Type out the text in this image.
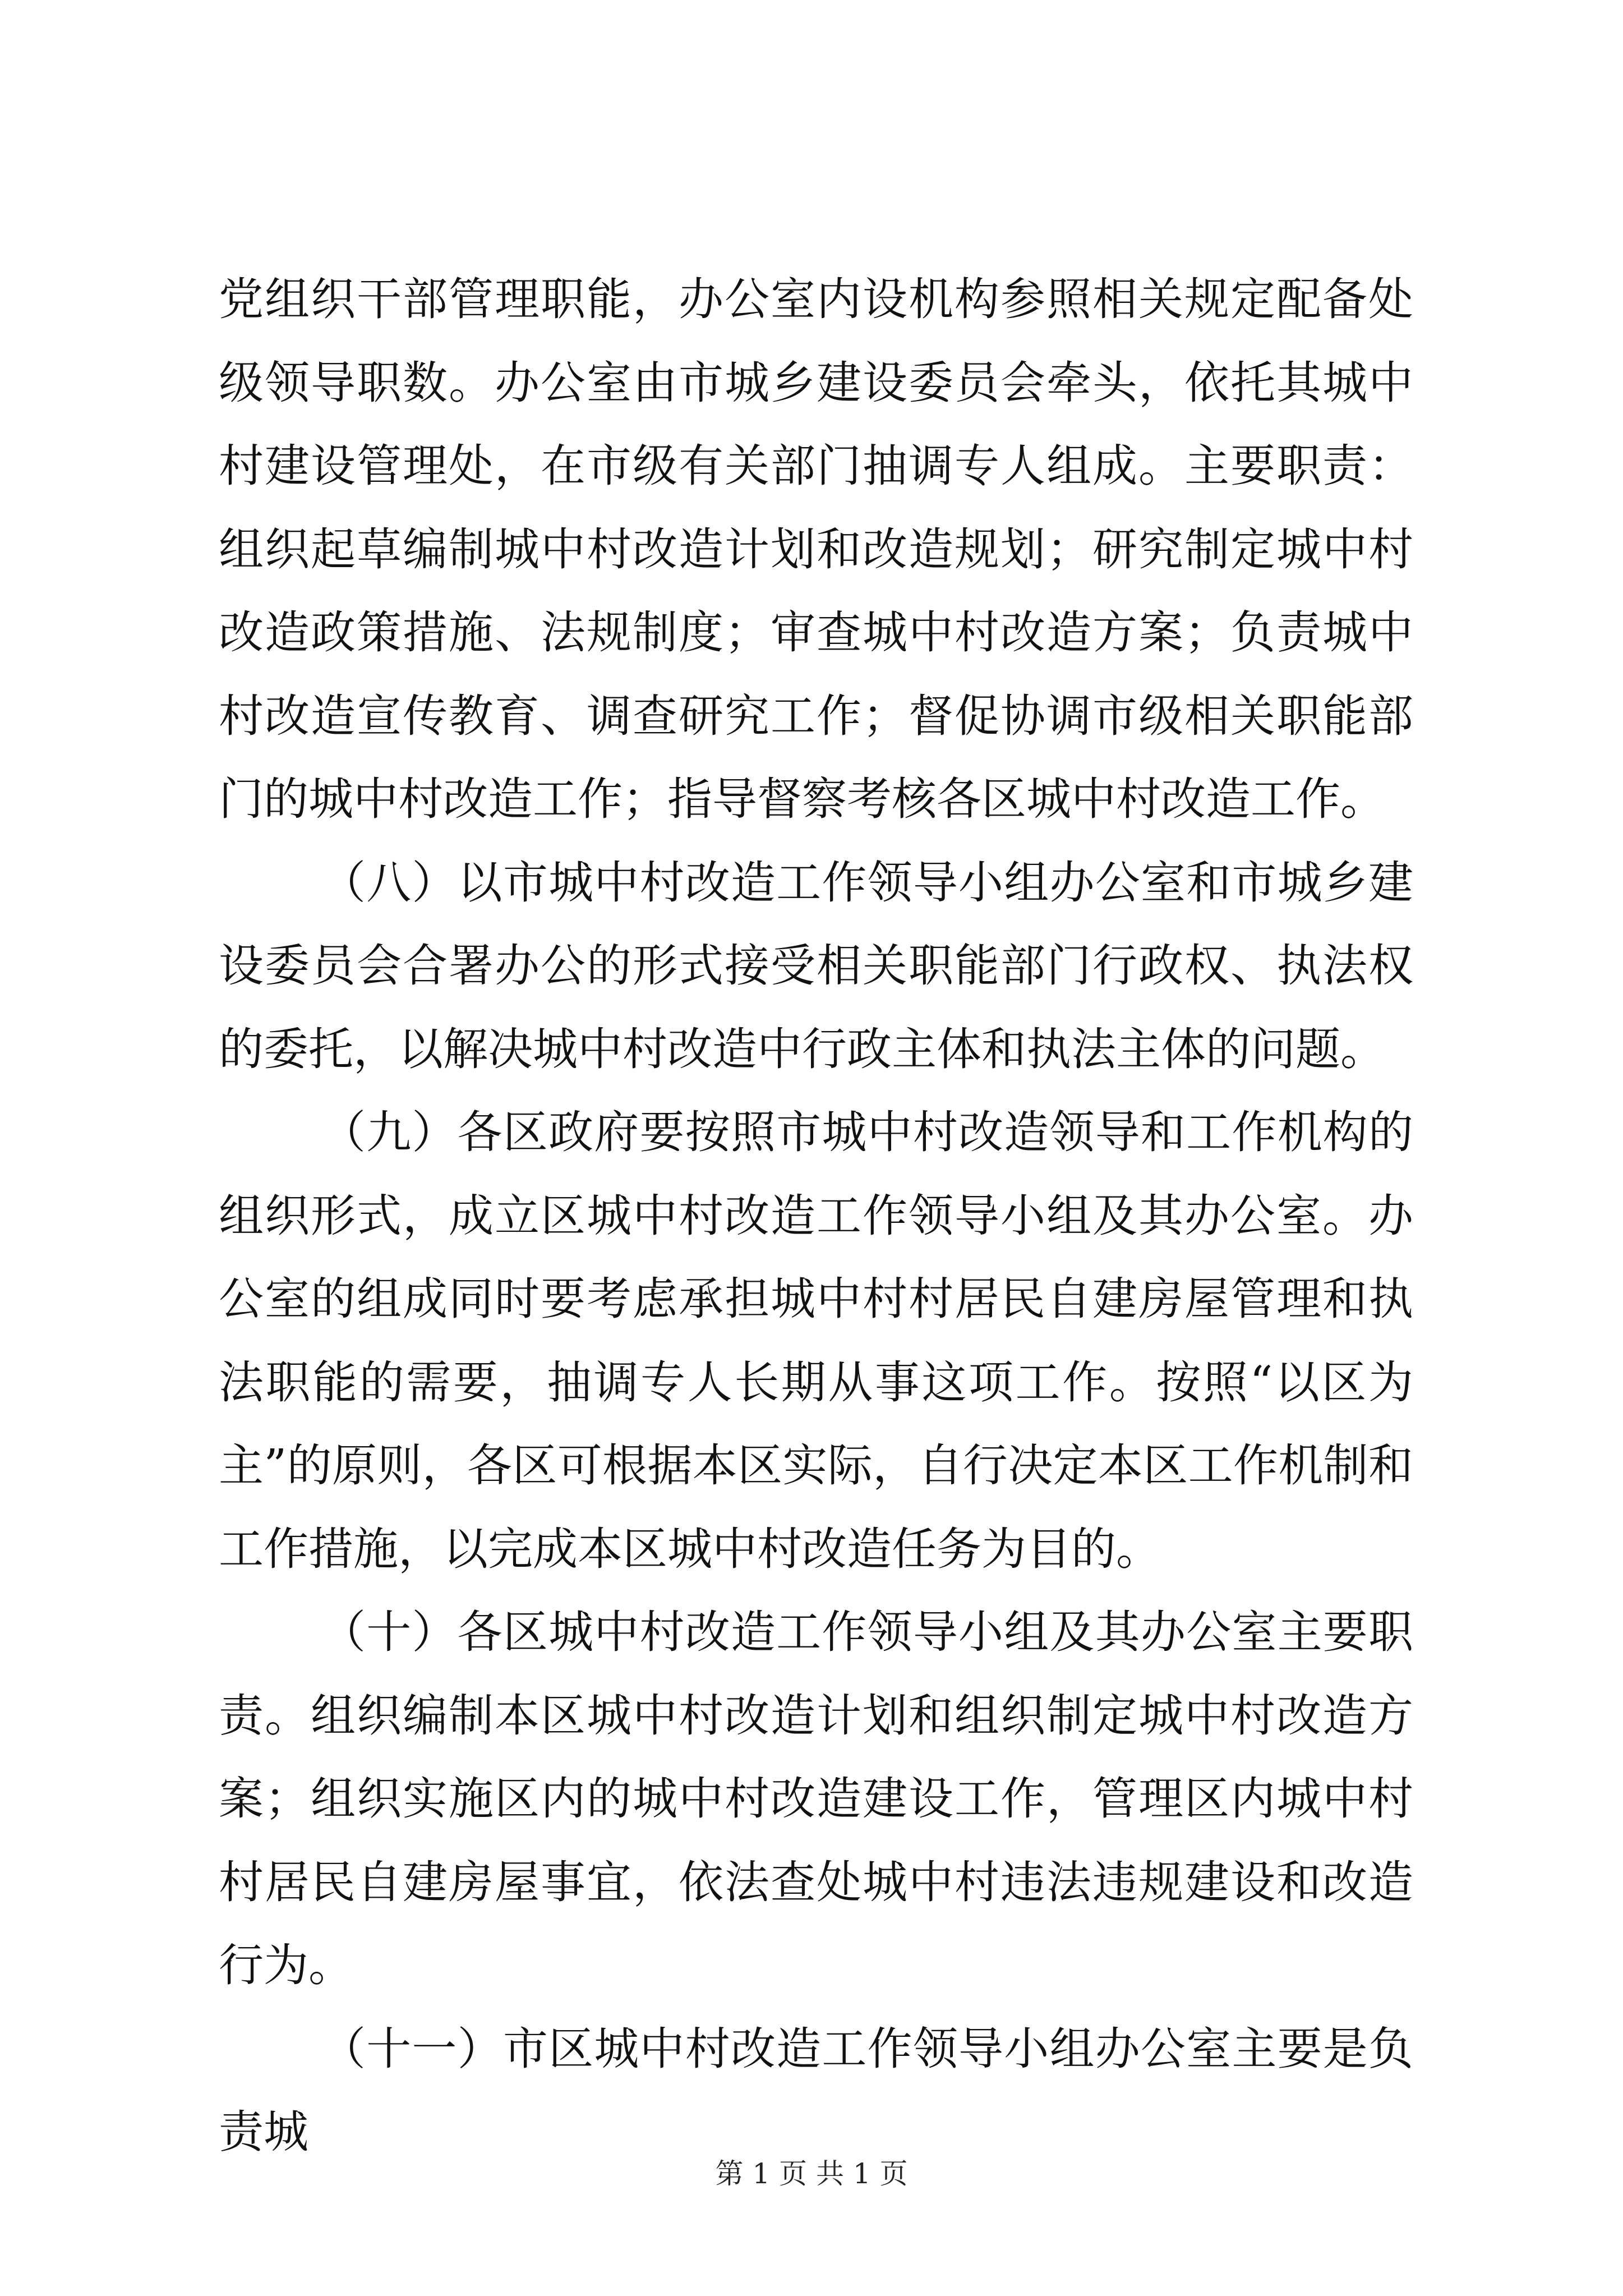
党组织干部管理职能，办公室内设机构参照相关规定配备处级领导职数。办公室由市城乡建设委员会牵头，依托其城中村建设管理处，在市级有关部门抽调专人组成。主要职责：组织起草编制城中村改造计划和改造规划；研究制定城中村改造政策措施、法规制度；审查城中村改造方案；负责城中村改造宣传教育、调查研究工作；督促协调市级相关职能部门的城中村改造工作；指导督察考核各区城中村改造工作。

（八）以市城中村改造工作领导小组办公室和市城乡建设委员会合署办公的形式接受相关职能部门行政权、执法权的委托，以解决城中村改造中行政主体和执法主体的问题。

（九）各区政府要按照市城中村改造领导和工作机构的组织形式，成立区城中村改造工作领导小组及其办公室。办公室的组成同时要考虑承担城中村村居民自建房屋管理和执法职能的需要，抽调专人长期从事这项工作。按照“以区为主”的原则，各区可根据本区实际，自行决定本区工作机制和工作措施，以完成本区城中村改造任务为目的。

（十）各区城中村改造工作领导小组及其办公室主要职责。组织编制本区城中村改造计划和组织制定城中村改造方案；组织实施区内的城中村改造建设工作，管理区内城中村村居民自建房屋事宜，依法查处城中村违法违规建设和改造行为。

（十一）市区城中村改造工作领导小组办公室主要是负责城

第 1 页 共 1 页
